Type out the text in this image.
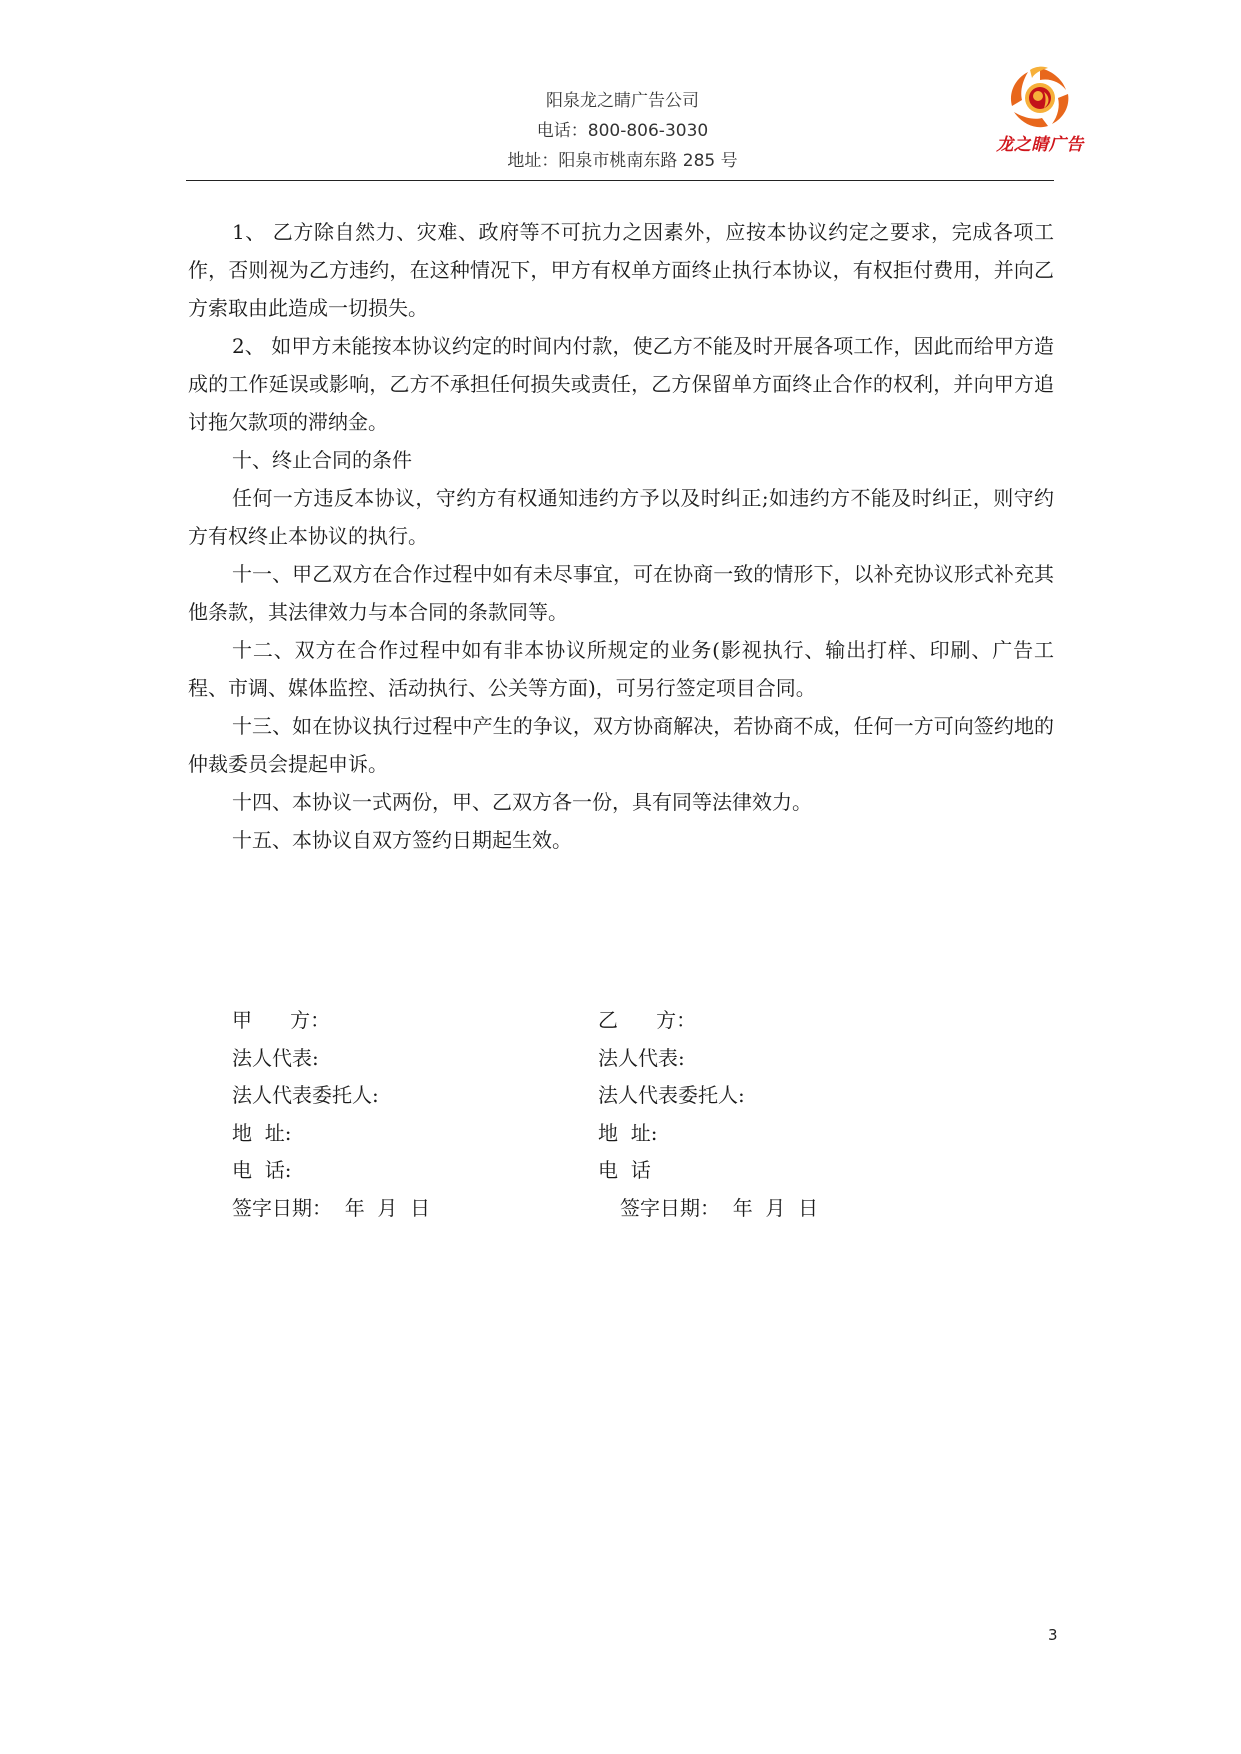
阳泉龙之睛广告公司
电话：800-806-3030
地址：阳泉市桃南东路 285 号
龙之睛广告

1、 乙方除自然力、灾难、政府等不可抗力之因素外，应按本协议约定之要求，完成各项工作，否则视为乙方违约，在这种情况下，甲方有权单方面终止执行本协议，有权拒付费用，并向乙方索取由此造成一切损失。

2、 如甲方未能按本协议约定的时间内付款，使乙方不能及时开展各项工作，因此而给甲方造成的工作延误或影响，乙方不承担任何损失或责任，乙方保留单方面终止合作的权利，并向甲方追讨拖欠款项的滞纳金。

十、终止合同的条件

任何一方违反本协议，守约方有权通知违约方予以及时纠正;如违约方不能及时纠正，则守约方有权终止本协议的执行。

十一、甲乙双方在合作过程中如有未尽事宜，可在协商一致的情形下，以补充协议形式补充其他条款，其法律效力与本合同的条款同等。

十二、双方在合作过程中如有非本协议所规定的业务(影视执行、输出打样、印刷、广告工程、市调、媒体监控、活动执行、公关等方面)，可另行签定项目合同。

十三、如在协议执行过程中产生的争议，双方协商解决，若协商不成，任何一方可向签约地的仲裁委员会提起申诉。

十四、本协议一式两份，甲、乙双方各一份，具有同等法律效力。

十五、本协议自双方签约日期起生效。

甲      方：	乙      方：
法人代表:	法人代表:
法人代表委托人:	法人代表委托人:
地  址:	地  址:
电  话:	电  话
签字日期：  年  月  日	签字日期：  年  月  日
3
